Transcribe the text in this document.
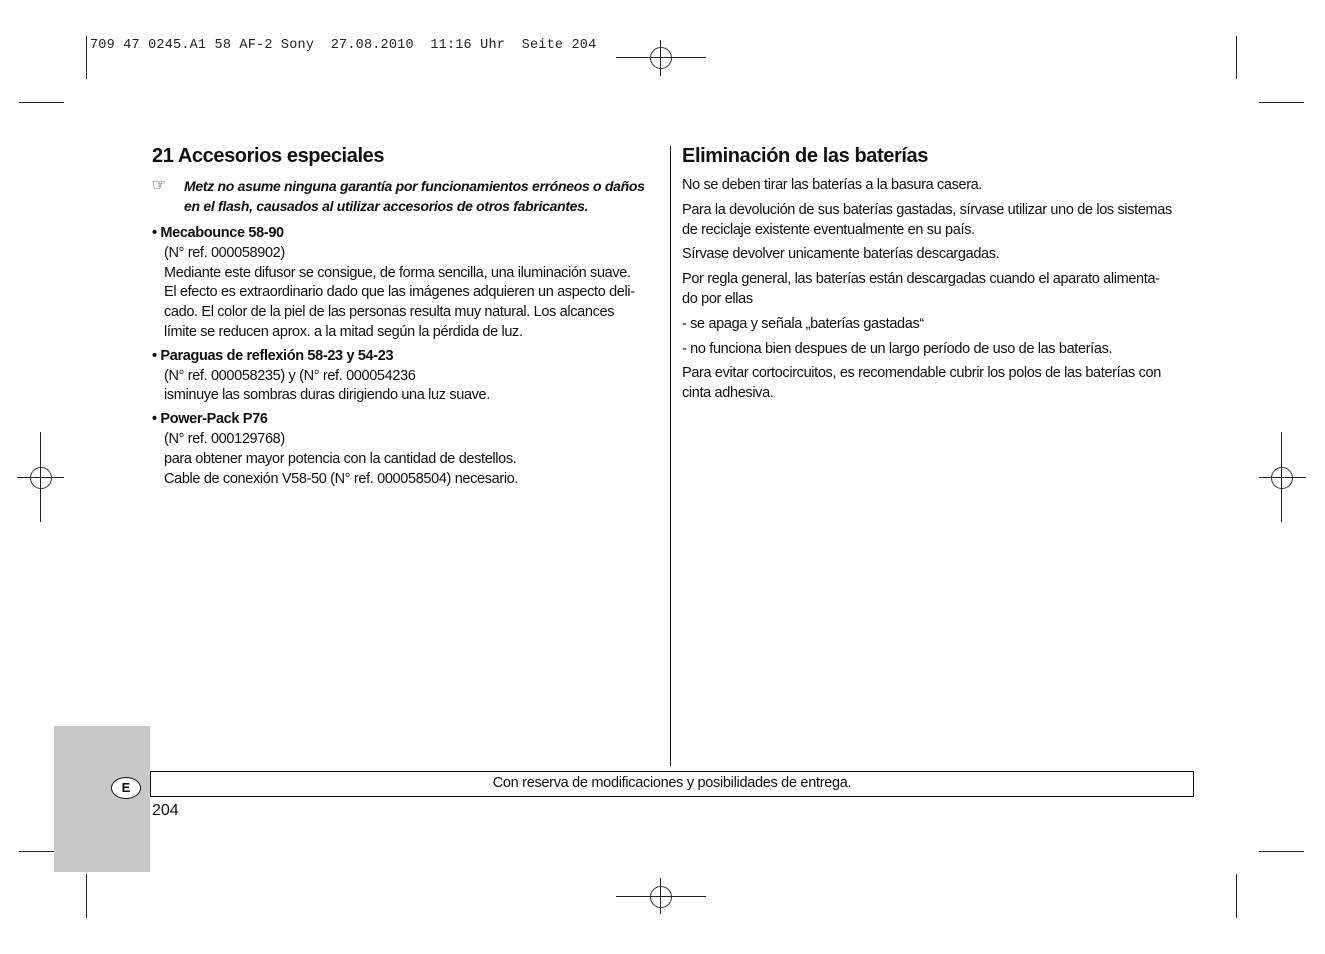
709 47 0245.A1 58 AF-2 Sony  27.08.2010  11:16 Uhr  Seite 204
21 Accesorios especiales
☞	Metz no asume ninguna garantía por funcionamientos erróneos o daños
en el flash, causados al utilizar accesorios de otros fabricantes.
• Mecabounce 58-90
(N° ref. 000058902)
Mediante este difusor se consigue, de forma sencilla, una iluminación suave.
El efecto es extraordinario dado que las imágenes adquieren un aspecto deli-
cado. El color de la piel de las personas resulta muy natural. Los alcances
límite se reducen aprox. a la mitad según la pérdida de luz.
• Paraguas de reflexión 58-23 y 54-23
(N° ref. 000058235) y (N° ref. 000054236
isminuye las sombras duras dirigiendo una luz suave.
• Power-Pack P76
(N° ref. 000129768)
para obtener mayor potencia con la cantidad de destellos.
Cable de conexión V58-50 (N° ref. 000058504) necesario.
Eliminación de las baterías
No se deben tirar las baterías a la basura casera.
Para la devolución de sus baterías gastadas, sírvase utilizar uno de los sistemas
de reciclaje existente eventualmente en su país.
Sírvase devolver unicamente baterías descargadas.
Por regla general, las baterías están descargadas cuando el aparato alimenta-
do por ellas
- se apaga y señala „baterías gastadas“
- no funciona bien despues de un largo período de uso de las baterías.
Para evitar cortocircuitos, es recomendable cubrir los polos de las baterías con
cinta adhesiva.
E	Con reserva de modificaciones y posibilidades de entrega.
204
